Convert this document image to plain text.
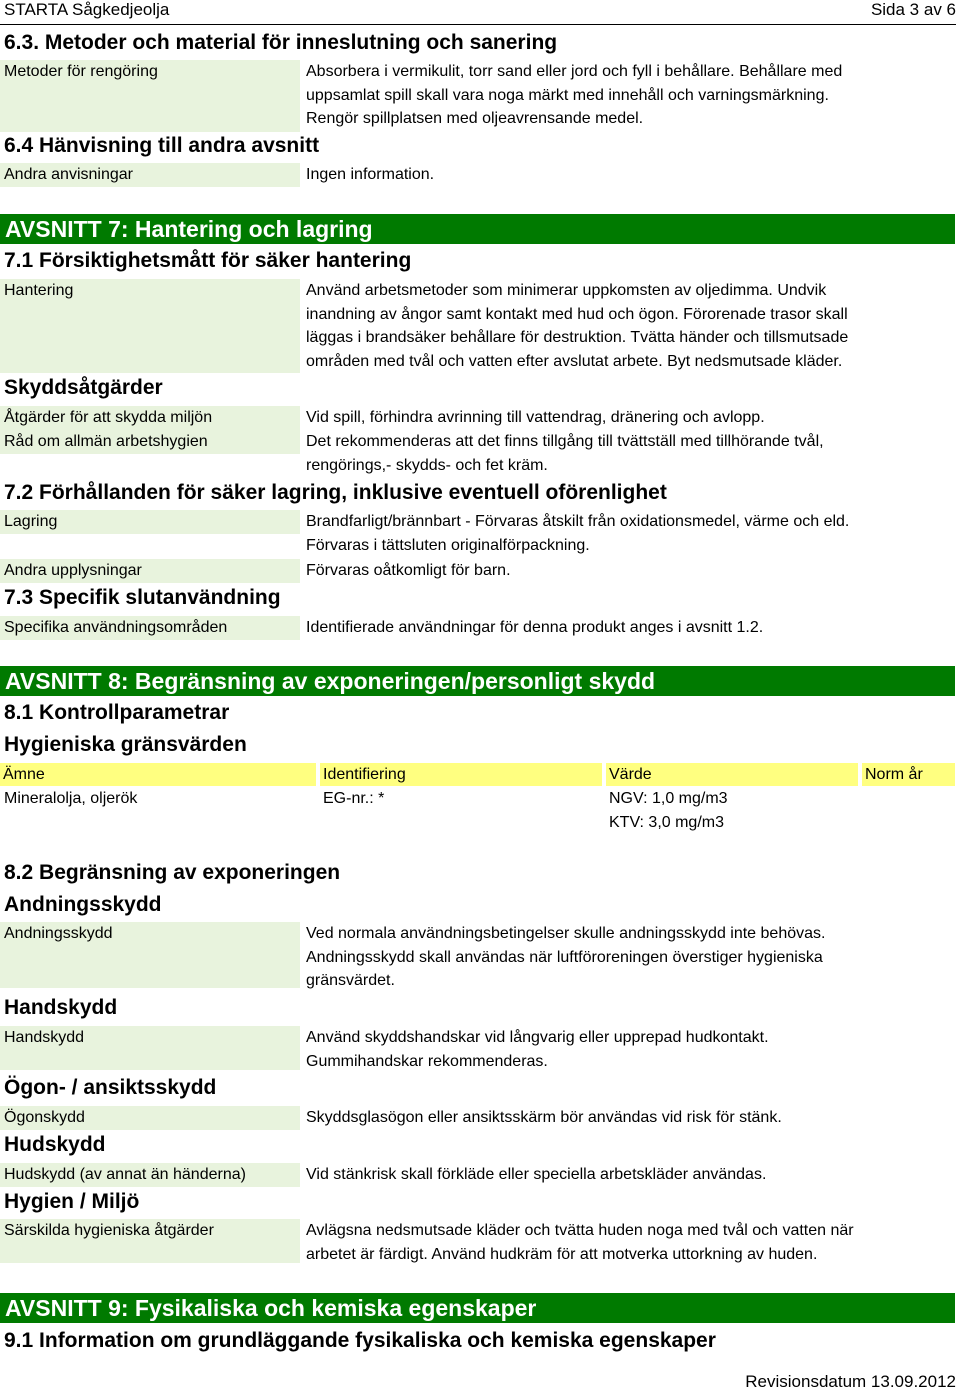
STARTA Sågkedjeolja	Sida 3 av 6
6.3. Metoder och material för inneslutning och sanering
Metoder för rengöring	Absorbera i vermikulit, torr sand eller jord och fyll i behållare. Behållare med
uppsamlat spill skall vara noga märkt med innehåll och varningsmärkning.
Rengör spillplatsen med oljeavrensande medel.
6.4 Hänvisning till andra avsnitt
Andra anvisningar	Ingen information.
AVSNITT 7: Hantering och lagring
7.1 Försiktighetsmått för säker hantering
Hantering	Använd arbetsmetoder som minimerar uppkomsten av oljedimma. Undvik
inandning av ångor samt kontakt med hud och ögon. Förorenade trasor skall
läggas i brandsäker behållare för destruktion. Tvätta händer och tillsmutsade
områden med tvål och vatten efter avslutat arbete. Byt nedsmutsade kläder.
Skyddsåtgärder
Åtgärder för att skydda miljön	Vid spill, förhindra avrinning till vattendrag, dränering och avlopp.
Råd om allmän arbetshygien	Det rekommenderas att det finns tillgång till tvättställ med tillhörande tvål,
rengörings,- skydds- och fet kräm.
7.2 Förhållanden för säker lagring, inklusive eventuell oförenlighet
Lagring	Brandfarligt/brännbart - Förvaras åtskilt från oxidationsmedel, värme och eld.
Förvaras i tättsluten originalförpackning.
Andra upplysningar	Förvaras oåtkomligt för barn.
7.3 Specifik slutanvändning
Specifika användningsområden	Identifierade användningar för denna produkt anges i avsnitt 1.2.
AVSNITT 8: Begränsning av exponeringen/personligt skydd
8.1 Kontrollparametrar
Hygieniska gränsvärden
Ämne	Identifiering	Värde	Norm år
Mineralolja, oljerök	EG-nr.: *	NGV: 1,0 mg/m3
KTV: 3,0 mg/m3
8.2 Begränsning av exponeringen
Andningsskydd
Andningsskydd	Ved normala användningsbetingelser skulle andningsskydd inte behövas.
Andningsskydd skall användas när luftföroreningen överstiger hygieniska
gränsvärdet.
Handskydd
Handskydd	Använd skyddshandskar vid långvarig eller upprepad hudkontakt.
Gummihandskar rekommenderas.
Ögon- / ansiktsskydd
Ögonskydd	Skyddsglasögon eller ansiktsskärm bör användas vid risk för stänk.
Hudskydd
Hudskydd (av annat än händerna)	Vid stänkrisk skall förkläde eller speciella arbetskläder användas.
Hygien / Miljö
Särskilda hygieniska åtgärder	Avlägsna nedsmutsade kläder och tvätta huden noga med tvål och vatten när
arbetet är färdigt. Använd hudkräm för att motverka uttorkning av huden.
AVSNITT 9: Fysikaliska och kemiska egenskaper
9.1 Information om grundläggande fysikaliska och kemiska egenskaper
Revisionsdatum 13.09.2012
